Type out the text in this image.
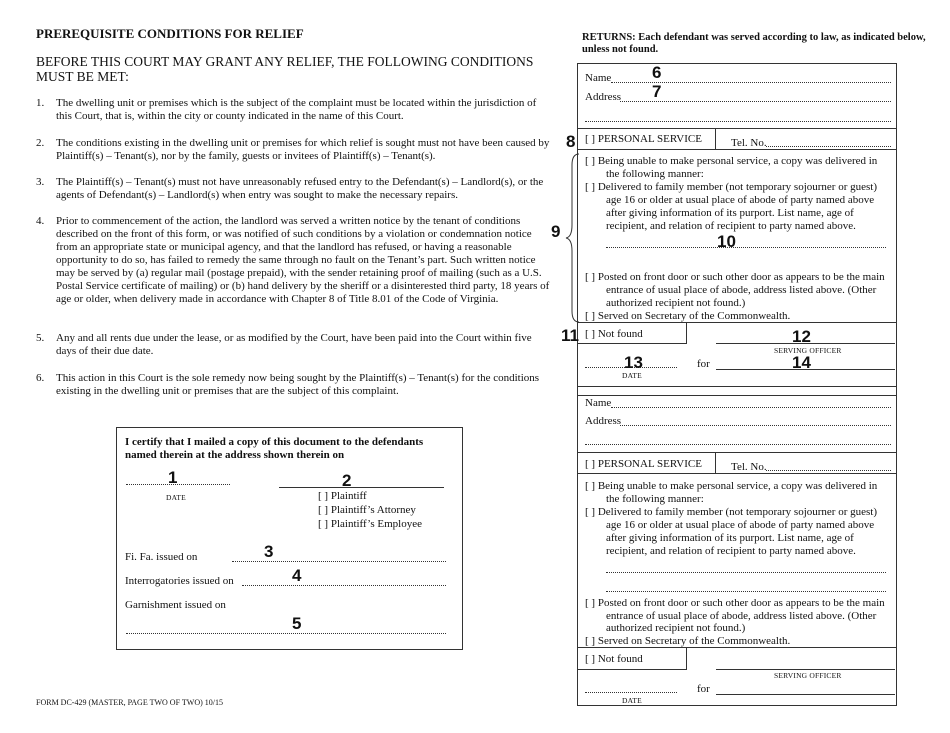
PREREQUISITE CONDITIONS FOR RELIEF
BEFORE THIS COURT MAY GRANT ANY RELIEF, THE FOLLOWING CONDITIONS MUST BE MET:
1. The dwelling unit or premises which is the subject of the complaint must be located within the jurisdiction of this Court, that is, within the city or county indicated in the name of this Court.
2. The conditions existing in the dwelling unit or premises for which relief is sought must not have been caused by Plaintiff(s) – Tenant(s), nor by the family, guests or invitees of Plaintiff(s) – Tenant(s).
3. The Plaintiff(s) – Tenant(s) must not have unreasonably refused entry to the Defendant(s) – Landlord(s), or the agents of Defendant(s) – Landlord(s) when entry was sought to make the necessary repairs.
4. Prior to commencement of the action, the landlord was served a written notice by the tenant of conditions described on the front of this form, or was notified of such conditions by a violation or condemnation notice from an appropriate state or municipal agency, and that the landlord has refused, or having a reasonable opportunity to do so, has failed to remedy the same through no fault on the Tenant’s part. Such written notice may be served by (a) regular mail (postage prepaid), with the sender retaining proof of mailing (such as a U.S. Postal Service certificate of mailing) or (b) hand delivery by the sheriff or a disinterested third party, 18 years of age or older, when delivery made in accordance with Chapter 8 of Title 8.01 of the Code of Virginia.
5. Any and all rents due under the lease, or as modified by the Court, have been paid into the Court within five days of their due date.
6. This action in this Court is the sole remedy now being sought by the Plaintiff(s) – Tenant(s) for the conditions existing in the dwelling unit or premises that are the subject of this complaint.
I certify that I mailed a copy of this document to the defendants named therein at the address shown therein on
1
DATE
2
[ ] Plaintiff
[ ] Plaintiff’s Attorney
[ ] Plaintiff’s Employee
Fi. Fa. issued on	3
Interrogatories issued on	4
Garnishment issued on
5
FORM DC-429 (MASTER, PAGE TWO OF TWO) 10/15
RETURNS: Each defendant was served according to law, as indicated below, unless not found.
Name 6
Address 7
8 [ ] PERSONAL SERVICE	Tel. No.
9
[ ] Being unable to make personal service, a copy was delivered in
the following manner:
[ ] Delivered to family member (not temporary sojourner or guest)
age 16 or older at usual place of abode of party named above
after giving information of its purport. List name, age of
recipient, and relation of recipient to party named above.
10
[ ] Posted on front door or such other door as appears to be the main
entrance of usual place of abode, address listed above. (Other
authorized recipient not found.)
[ ] Served on Secretary of the Commonwealth.
11 [ ] Not found	12
SERVING OFFICER
13
DATE
for	14
Name
Address
[ ] PERSONAL SERVICE	Tel. No.
[ ] Being unable to make personal service, a copy was delivered in
the following manner:
[ ] Delivered to family member (not temporary sojourner or guest)
age 16 or older at usual place of abode of party named above
after giving information of its purport. List name, age of
recipient, and relation of recipient to party named above.
[ ] Posted on front door or such other door as appears to be the main
entrance of usual place of abode, address listed above. (Other
authorized recipient not found.)
[ ] Served on Secretary of the Commonwealth.
[ ] Not found
SERVING OFFICER
DATE
for
